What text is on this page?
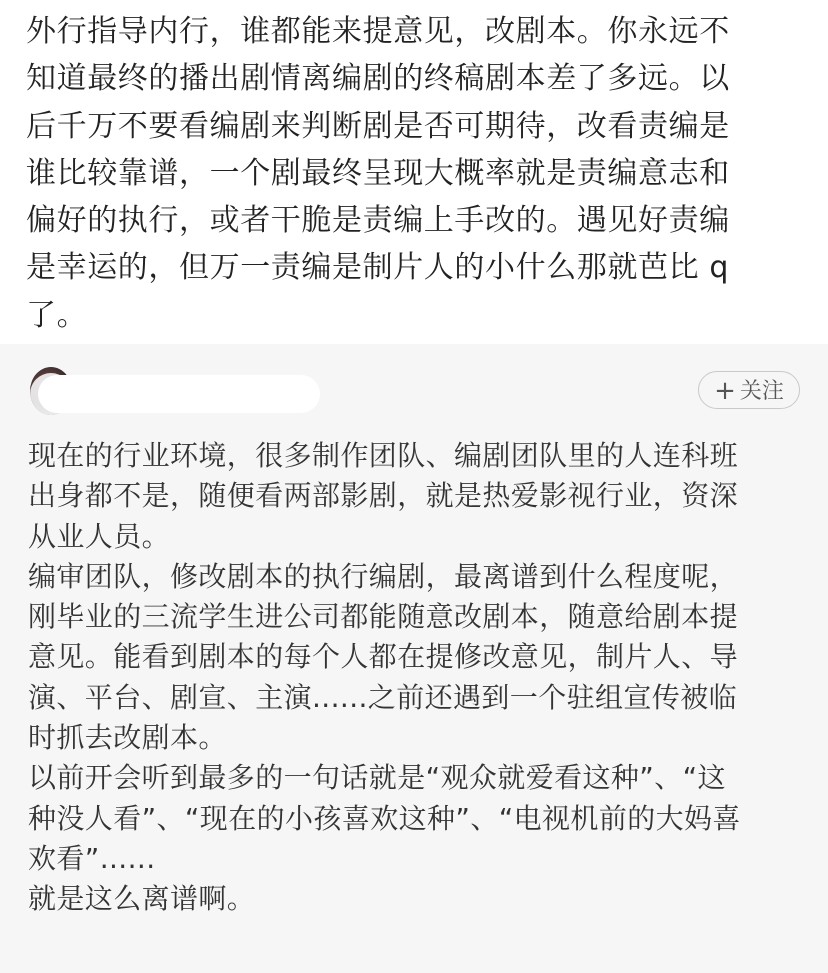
外行指导内行，谁都能来提意见，改剧本。你永远不
知道最终的播出剧情离编剧的终稿剧本差了多远。以
后千万不要看编剧来判断剧是否可期待，改看责编是
谁比较靠谱，一个剧最终呈现大概率就是责编意志和
偏好的执行，或者干脆是责编上手改的。遇见好责编
是幸运的，但万一责编是制片人的小什么那就芭比 q
了。

+ 关注

现在的行业环境，很多制作团队、编剧团队里的人连科班
出身都不是，随便看两部影剧，就是热爱影视行业，资深
从业人员。
编审团队，修改剧本的执行编剧，最离谱到什么程度呢，
刚毕业的三流学生进公司都能随意改剧本，随意给剧本提
意见。能看到剧本的每个人都在提修改意见，制片人、导
演、平台、剧宣、主演......之前还遇到一个驻组宣传被临
时抓去改剧本。
以前开会听到最多的一句话就是“观众就爱看这种”、“这
种没人看”、“现在的小孩喜欢这种”、“电视机前的大妈喜
欢看”......
就是这么离谱啊。
